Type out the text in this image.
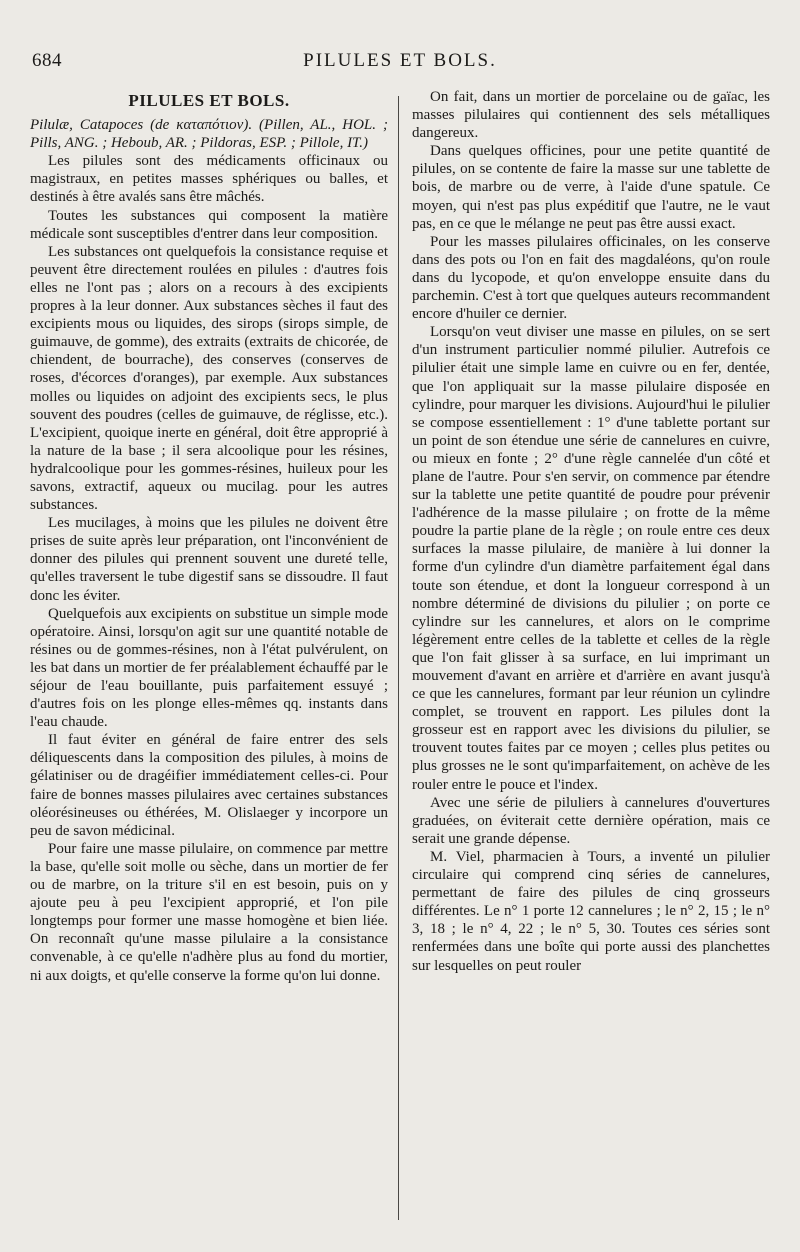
684	PILULES ET BOLS.
PILULES ET BOLS.

Pilulæ, Catapoces (de καταπότιον). (Pillen, AL., HOL. ; Pills, ANG. ; Heboub, AR. ; Pildoras, ESP. ; Pillole, IT.)

Les pilules sont des médicaments officinaux ou magistraux, en petites masses sphériques ou balles, et destinés à être avalés sans être mâchés.

Toutes les substances qui composent la matière médicale sont susceptibles d'entrer dans leur composition.

Les substances ont quelquefois la consistance requise et peuvent être directement roulées en pilules : d'autres fois elles ne l'ont pas ; alors on a recours à des excipients propres à la leur donner. Aux substances sèches il faut des excipients mous ou liquides, des sirops (sirops simple, de guimauve, de gomme), des extraits (extraits de chicorée, de chiendent, de bourrache), des conserves (conserves de roses, d'écorces d'oranges), par exemple. Aux substances molles ou liquides on adjoint des excipients secs, le plus souvent des poudres (celles de guimauve, de réglisse, etc.). L'excipient, quoique inerte en général, doit être approprié à la nature de la base ; il sera alcoolique pour les résines, hydralcoolique pour les gommes-résines, huileux pour les savons, extractif, aqueux ou mucilag. pour les autres substances.

Les mucilages, à moins que les pilules ne doivent être prises de suite après leur préparation, ont l'inconvénient de donner des pilules qui prennent souvent une dureté telle, qu'elles traversent le tube digestif sans se dissoudre. Il faut donc les éviter.

Quelquefois aux excipients on substitue un simple mode opératoire. Ainsi, lorsqu'on agit sur une quantité notable de résines ou de gommes-résines, non à l'état pulvérulent, on les bat dans un mortier de fer préalablement échauffé par le séjour de l'eau bouillante, puis parfaitement essuyé ; d'autres fois on les plonge elles-mêmes qq. instants dans l'eau chaude.

Il faut éviter en général de faire entrer des sels déliquescents dans la composition des pilules, à moins de gélatiniser ou de dragéifier immédiatement celles-ci. Pour faire de bonnes masses pilulaires avec certaines substances oléorésineuses ou éthérées, M. Olislaeger y incorpore un peu de savon médicinal.

Pour faire une masse pilulaire, on commence par mettre la base, qu'elle soit molle ou sèche, dans un mortier de fer ou de marbre, on la triture s'il en est besoin, puis on y ajoute peu à peu l'excipient approprié, et l'on pile longtemps pour former une masse homogène et bien liée. On reconnaît qu'une masse pilulaire a la consistance convenable, à ce qu'elle n'adhère plus au fond du mortier, ni aux doigts, et qu'elle conserve la forme qu'on lui donne.

On fait, dans un mortier de porcelaine ou de gaïac, les masses pilulaires qui contiennent des sels métalliques dangereux.

Dans quelques officines, pour une petite quantité de pilules, on se contente de faire la masse sur une tablette de bois, de marbre ou de verre, à l'aide d'une spatule. Ce moyen, qui n'est pas plus expéditif que l'autre, ne le vaut pas, en ce que le mélange ne peut pas être aussi exact.

Pour les masses pilulaires officinales, on les conserve dans des pots ou l'on en fait des magdaléons, qu'on roule dans du lycopode, et qu'on enveloppe ensuite dans du parchemin. C'est à tort que quelques auteurs recommandent encore d'huiler ce dernier.

Lorsqu'on veut diviser une masse en pilules, on se sert d'un instrument particulier nommé pilulier. Autrefois ce pilulier était une simple lame en cuivre ou en fer, dentée, que l'on appliquait sur la masse pilulaire disposée en cylindre, pour marquer les divisions. Aujourd'hui le pilulier se compose essentiellement : 1° d'une tablette portant sur un point de son étendue une série de cannelures en cuivre, ou mieux en fonte ; 2° d'une règle cannelée d'un côté et plane de l'autre. Pour s'en servir, on commence par étendre sur la tablette une petite quantité de poudre pour prévenir l'adhérence de la masse pilulaire ; on frotte de la même poudre la partie plane de la règle ; on roule entre ces deux surfaces la masse pilulaire, de manière à lui donner la forme d'un cylindre d'un diamètre parfaitement égal dans toute son étendue, et dont la longueur correspond à un nombre déterminé de divisions du pilulier ; on porte ce cylindre sur les cannelures, et alors on le comprime légèrement entre celles de la tablette et celles de la règle que l'on fait glisser à sa surface, en lui imprimant un mouvement d'avant en arrière et d'arrière en avant jusqu'à ce que les cannelures, formant par leur réunion un cylindre complet, se trouvent en rapport. Les pilules dont la grosseur est en rapport avec les divisions du pilulier, se trouvent toutes faites par ce moyen ; celles plus petites ou plus grosses ne le sont qu'imparfaitement, on achève de les rouler entre le pouce et l'index.

Avec une série de piluliers à cannelures d'ouvertures graduées, on éviterait cette dernière opération, mais ce serait une grande dépense.

M. Viel, pharmacien à Tours, a inventé un pilulier circulaire qui comprend cinq séries de cannelures, permettant de faire des pilules de cinq grosseurs différentes. Le n° 1 porte 12 cannelures ; le n° 2, 15 ; le n° 3, 18 ; le n° 4, 22 ; le n° 5, 30. Toutes ces séries sont renfermées dans une boîte qui porte aussi des planchettes sur lesquelles on peut rouler
